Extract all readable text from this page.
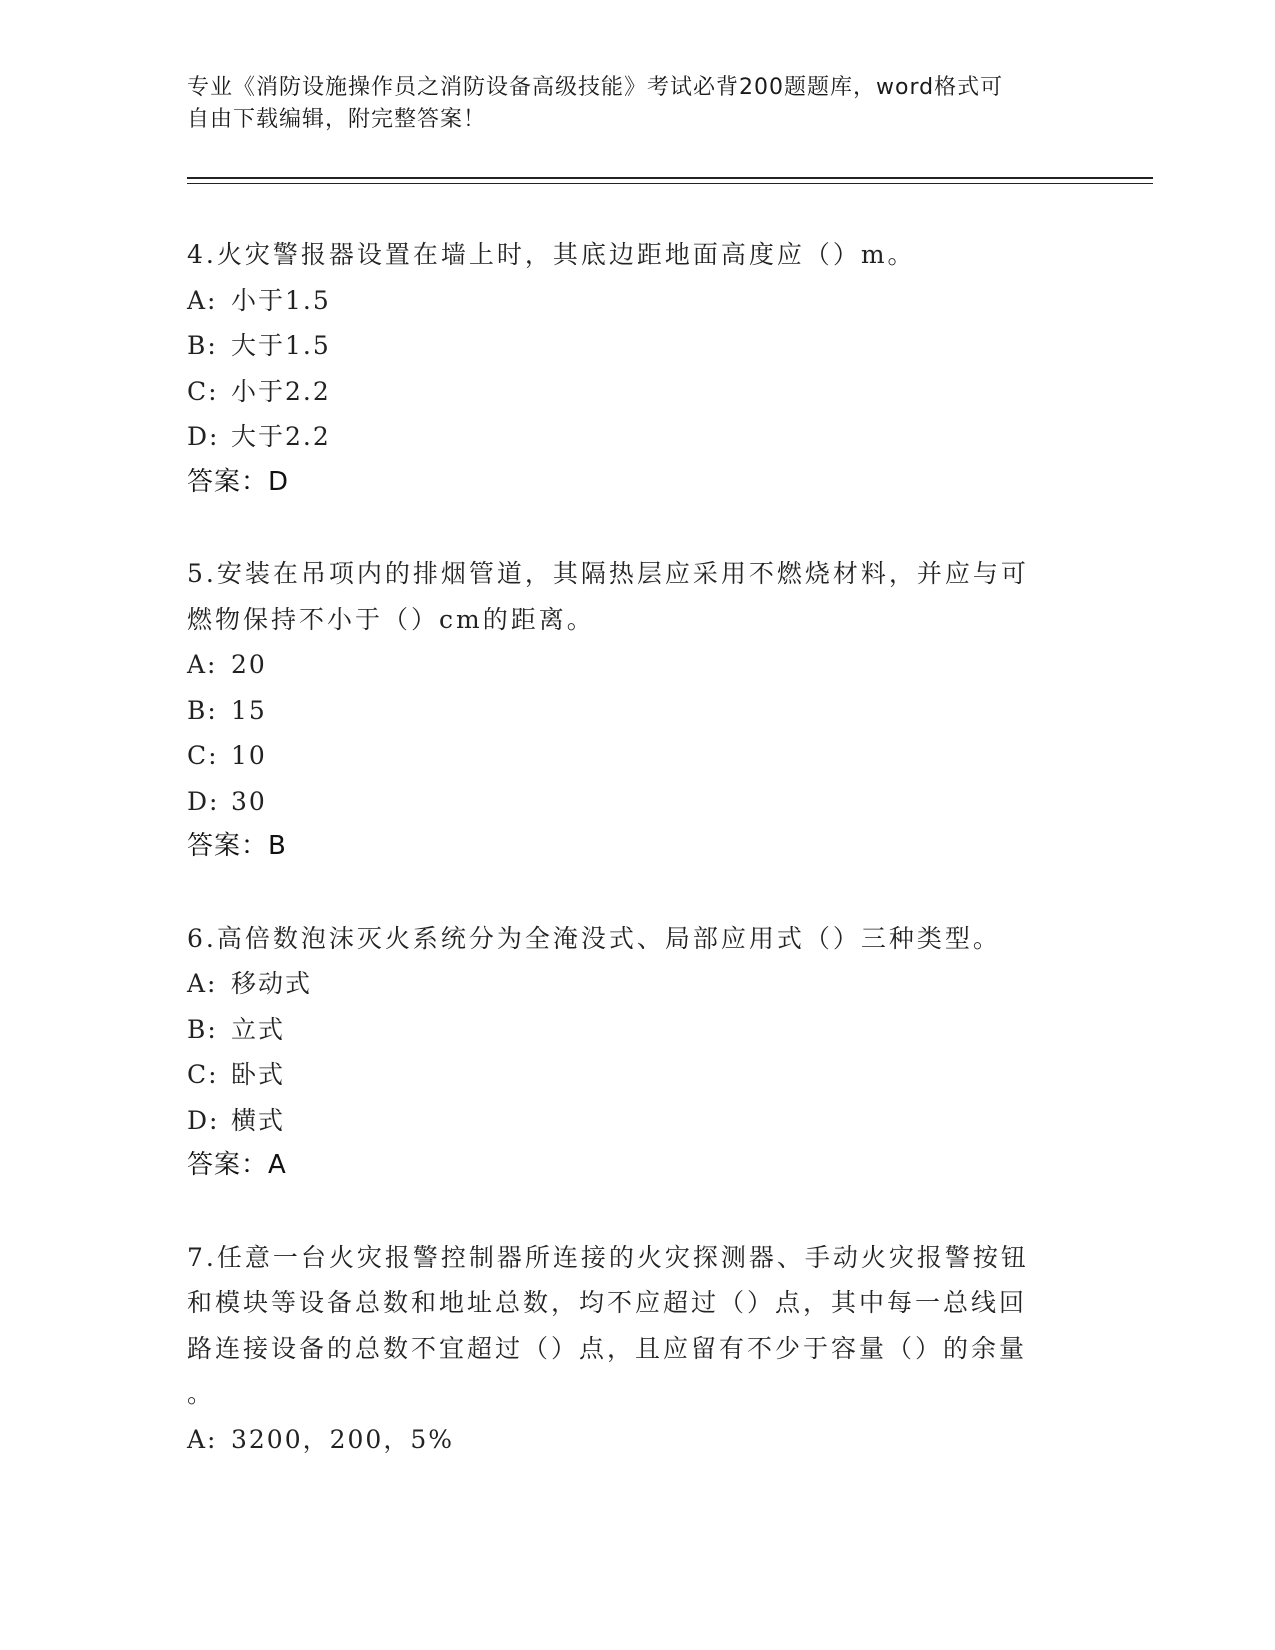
专业《消防设施操作员之消防设备高级技能》考试必背200题题库，word格式可
自由下载编辑，附完整答案！

4.火灾警报器设置在墙上时，其底边距地面高度应（）m。

A: 小于1.5

B: 大于1.5

C: 小于2.2

D: 大于2.2

答案：D

5.安装在吊项内的排烟管道，其隔热层应采用不燃烧材料，并应与可

燃物保持不小于（）cm的距离。

A: 20

B: 15

C: 10

D: 30

答案：B

6.高倍数泡沫灭火系统分为全淹没式、局部应用式（）三种类型。

A: 移动式

B: 立式

C: 卧式

D: 横式

答案：A

7.任意一台火灾报警控制器所连接的火灾探测器、手动火灾报警按钮

和模块等设备总数和地址总数，均不应超过（）点，其中每一总线回

路连接设备的总数不宜超过（）点，且应留有不少于容量（）的余量

。

A: 3200，200，5%
